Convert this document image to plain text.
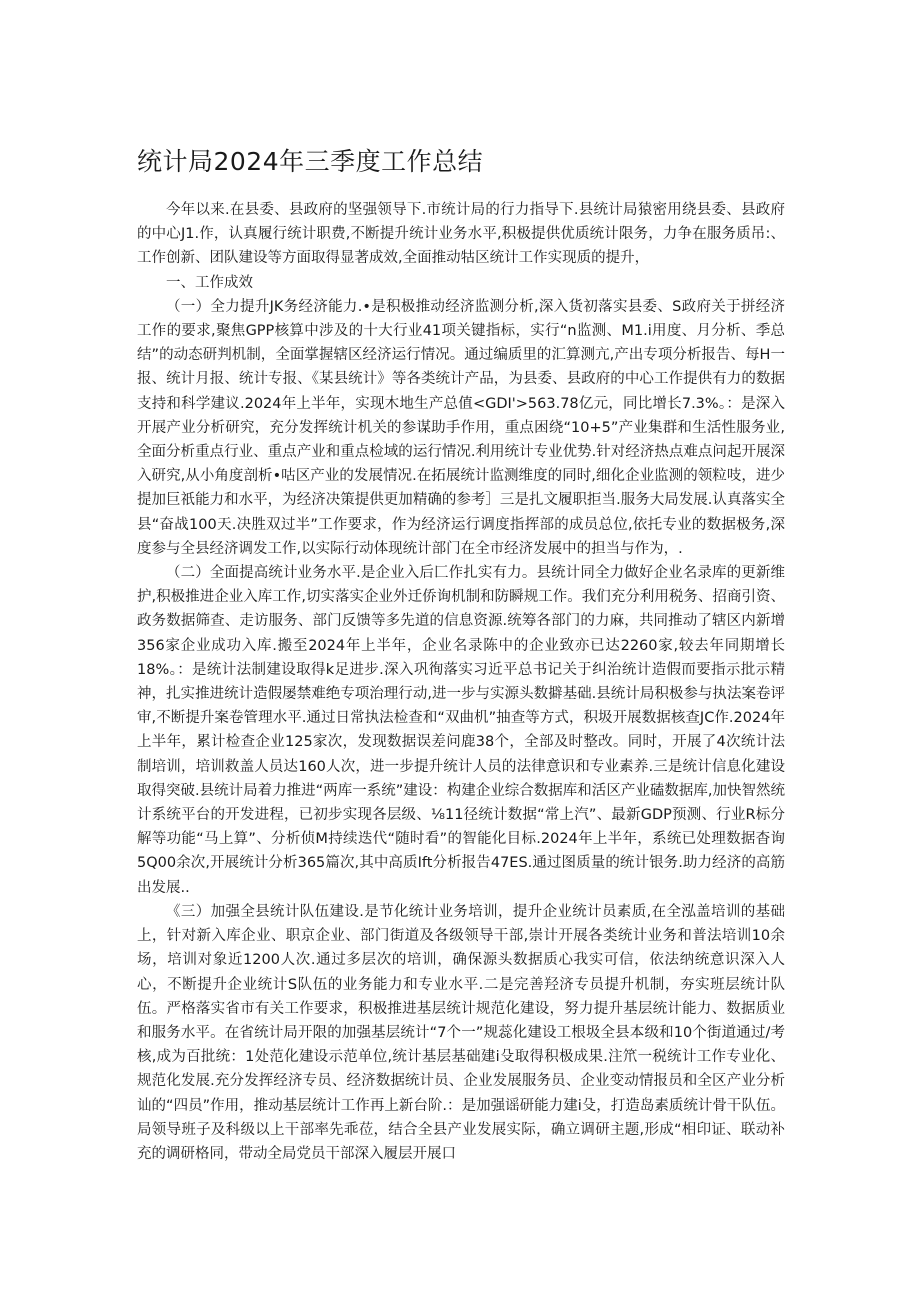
统计局2024年三季度工作总结

今年以来.在县委、县政府的坚强领导下.市统计局的行力指导下.县统计局猿密用绕县委、县政府的中心J1.作，认真履行统计职费,不断提升统计业务水平,积极提供优质统计限务，力争在服务质吊:、工作创新、团队建设等方面取得显著成效,全面推动牯区统计工作实现质的提升，

一、工作成效

（一）全力提升JK务经济能力.•是积极推动经济监测分析,深入货初落实县委、S政府关于拼经济工作的要求,聚焦GPP核算中涉及的十大行业41项关键指标，实行“n监测、M1.i用度、月分析、季总结”的动态研判机制，全面掌握辖区经济运行情况。通过编质里的汇算测亢,产出专项分析报告、每H一报、统计月报、统计专报、《某县统计》等各类统计产品，为县委、县政府的中心工作提供有力的数据支持和科学建议.2024年上半年，实现木地生产总值<GDI'>563.78亿元，同比增长7.3%。：是深入开展产业分析研究，充分发挥统计机关的参谋助手作用，重点困绕“10+5”产业集群和生活性服务业,全面分析重点行业、重点产业和重点检域的运行情况.利用统计专业优势.针对经济热点难点问起开展深入研究,从小角度剖析•咕区产业的发展情况.在拓展统计监测维度的同时,细化企业监测的领粒吱，进少提加巨祇能力和水平，为经济决策提供更加精确的参考］三是扎文履职拒当.服务大局发展.认真落实全县“奋战100天.决胜双过半”工作要求，作为经济运行调度指挥部的成员总位,依托专业的数据极务,深度参与全县经济调发工作,以实际行动体现统计部门在全市经济发展中的担当与作为，.

（二）全面提高统计业务水平.是企业入后匚作扎实有力。县统计同全力做好企业名录库的更新维护,积极推进企业入库工作,切实落实企业外迁侨询机制和防瞬规工作。我们充分利用税务、招商引资、政务数据筛查、走访服务、部门反馈等多先道的信息资源.统筹各部门的力麻，共同推动了辖区内新增356家企业成功入库.搬至2024年上半年，企业名录陈中的企业致亦已达2260家,较去年同期增长18%。：是统计法制建设取得k足进步.深入巩徇落实习近平总书记关于纠治统计造假而要指示批示精神，扎实推进统计造假屡禁难绝专项治理行动,进一步与实源头数擗基础.县统计局积极参与执法案卷评审,不断提升案卷管理水平.通过日常执法检查和“双曲机”抽查等方式，积圾开展数据核查JC作.2024年上半年，累计检查企业125家次，发现数据误差问鹿38个，全部及时整改。同时，开展了4次统计法制培训，培训救盖人员达160人次，进一步提升统计人员的法律意识和专业素养.三是统计信息化建设取得突破.县统计局着力推进“两库一系统”建设：构建企业综合数据库和活区产业磕数据库,加快智然统计系统平台的开发进程，已初步实现各层级、⅛11径统计数据“常上汽”、最新GDP预测、行业R标分解等功能“马上算”、分析侦M持续迭代“随时看”的智能化目标.2024年上半年，系统已处理数据杳询5Q00余次,开展统计分析365篇次,其中高质Ift分析报告47ES.通过图质量的统计银务.助力经济的高筋出发展..

《三）加强全县统计队伍建设.是节化统计业务培训，提升企业统计员素质,在全泓盖培训的基础上，针对新入库企业、职京企业、部门街道及各级领导干部,崇计开展各类统计业务和普法培训10余场，培训对象近1200人次.通过多层次的培训，确保源头数据质心我实可信，依法纳统意识深入人心，不断提升企业统计S队伍的业务能力和专业水平.二是完善羟济专员提升机制，夯实班层统计队伍。严格落实省市有关工作要求，积极推进基层统计规范化建设，努力提升基层统计能力、数据质业和服务水平。在省统计局开限的加强基层统计“7个一”规蕊化建设工根圾全县本级和10个街道通过/考核,成为百批统：1处范化建设示范单位,统计基层基础建i殳取得积极成果.注笊一税统计工作专业化、规范化发展.充分发挥经济专员、经济数据统计员、企业发展服务员、企业变动情报员和全区产业分析讪的“四员”作用，推动基层统计工作再上新台阶.：是加强谣研能力建i殳，打造岛素质统计骨干队伍。局领导班子及科级以上干部率先乖莅，结合全县产业发展实际，确立调研主题,形成“相印证、联动补充的调研格同，带动全局党员干部深入履层开展口
